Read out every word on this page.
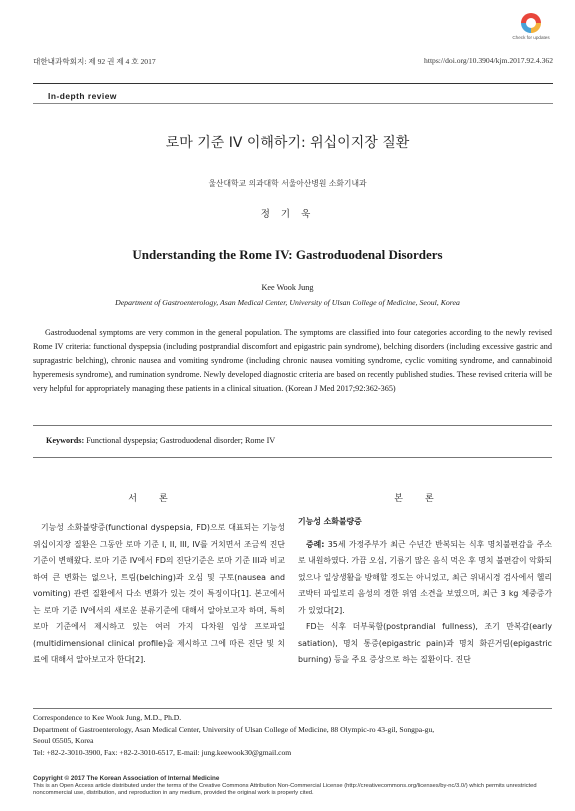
대한내과학회지: 제 92 권 제 4 호 2017	https://doi.org/10.3904/kjm.2017.92.4.362
Check for updates
In-depth review
로마 기준 IV 이해하기: 위십이지장 질환
울산대학교 의과대학 서울아산병원 소화기내과
정 기 욱
Understanding the Rome IV: Gastroduodenal Disorders
Kee Wook Jung
Department of Gastroenterology, Asan Medical Center, University of Ulsan College of Medicine, Seoul, Korea
Gastroduodenal symptoms are very common in the general population. The symptoms are classified into four categories according to the newly revised Rome IV criteria: functional dyspepsia (including postprandial discomfort and epigastric pain syndrome), belching disorders (including excessive gastric and supragastric belching), chronic nausea and vomiting syndrome (including chronic nausea vomiting syndrome, cyclic vomiting syndrome, and cannabinoid hyperemesis syndrome), and rumination syndrome. Newly developed diagnostic criteria are based on recently published studies. These revised criteria will be very helpful for appropriately managing these patients in a clinical situation. (Korean J Med 2017;92:362-365)
Keywords: Functional dyspepsia; Gastroduodenal disorder; Rome IV
서론	본론

기능성 소화불량증(functional dyspepsia, FD)으로 대표되는 기능성 위십이지장 질환은 그동안 로마 기준 I, II, III, IV를 거치면서 조금씩 진단기준이 변해왔다. 로마 기준 IV에서 FD의 진단기준은 로마 기준 III과 비교하여 큰 변화는 없으나, 트림(belching)과 오심 및 구토(nausea and vomiting) 관련 질환에서 다소 변화가 있는 것이 특징이다[1]. 본고에서는 로마 기준 IV에서의 새로운 분류기준에 대해서 알아보고자 하며, 특히 로마 기준에서 제시하고 있는 여러 가지 다차원 임상 프로파일(multidimensional clinical profile)을 제시하고 그에 따른 진단 및 치료에 대해서 알아보고자 한다[2].

기능성 소화불량증

증례: 35세 가정주부가 최근 수년간 반복되는 식후 명치불편감을 주소로 내원하였다. 가끔 오심, 기름기 많은 음식 먹은 후 명치 불편감이 악화되었으나 일상생활을 방해할 정도는 아니었고, 최근 위내시경 검사에서 헬리코박터 파일로리 음성의 경한 위염 소견을 보였으며, 최근 3 kg 체중증가가 있었다[2].

FD는 식후 더부룩함(postprandial fullness), 조기 만복감(early satiation), 명치 통증(epigastric pain)과 명치 화끈거림(epigastric burning) 등을 주요 증상으로 하는 질환이다. 진단

Correspondence to Kee Wook Jung, M.D., Ph.D.
Department of Gastroenterology, Asan Medical Center, University of Ulsan College of Medicine, 88 Olympic-ro 43-gil, Songpa-gu,
Seoul 05505, Korea
Tel: +82-2-3010-3900, Fax: +82-2-3010-6517, E-mail: jung.keewook30@gmail.com
Copyright © 2017 The Korean Association of Internal Medicine
This is an Open Access article distributed under the terms of the Creative Commons Attribution Non-Commercial License (http://creativecommons.org/licenses/by-nc/3.0/) which permits unrestricted noncommercial use, distribution, and reproduction in any medium, provided the original work is properly cited.
